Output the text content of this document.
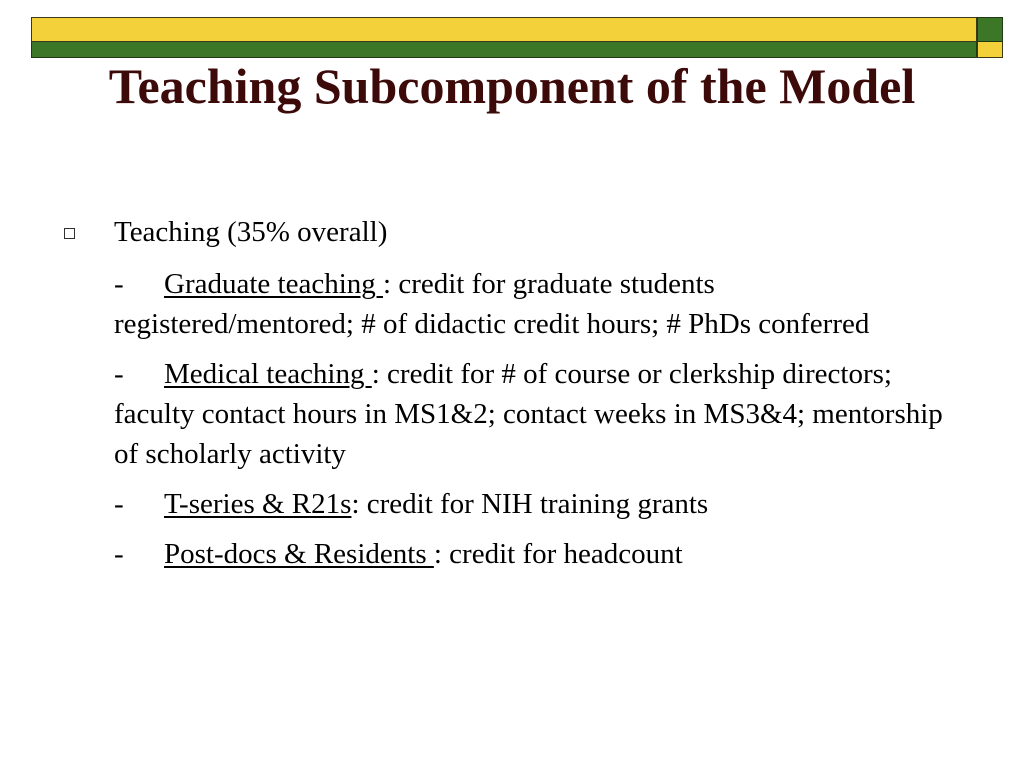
Teaching Subcomponent of the Model
Teaching (35% overall)
- Graduate teaching : credit for graduate students registered/mentored; # of didactic credit hours; # PhDs conferred
- Medical teaching : credit for # of course or clerkship directors; faculty contact hours in MS1&2; contact weeks in MS3&4; mentorship of scholarly activity
- T-series & R21s: credit for NIH training grants
- Post-docs & Residents : credit for headcount
